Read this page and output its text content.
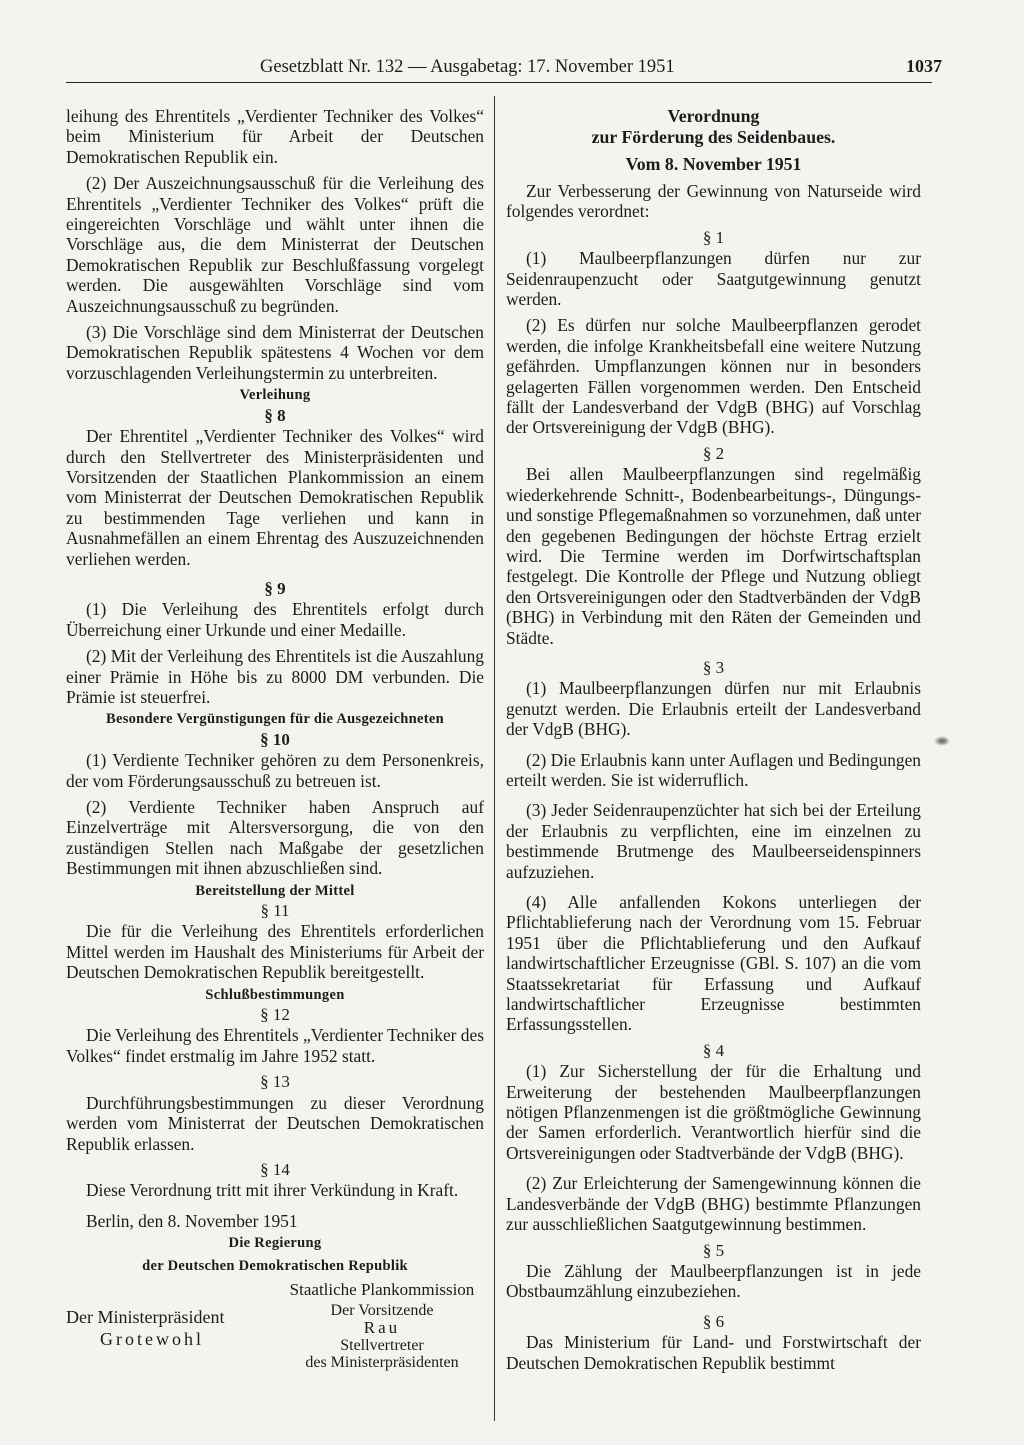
Gesetzblatt Nr. 132 — Ausgabetag: 17. November 1951	1037

leihung des Ehrentitels „Verdienter Techniker des Volkes“ beim Ministerium für Arbeit der Deutschen Demokratischen Republik ein.

(2) Der Auszeichnungsausschuß für die Verleihung des Ehrentitels „Verdienter Techniker des Volkes“ prüft die eingereichten Vorschläge und wählt unter ihnen die Vorschläge aus, die dem Ministerrat der Deutschen Demokratischen Republik zur Beschlußfassung vorgelegt werden. Die ausgewählten Vorschläge sind vom Auszeichnungsausschuß zu begründen.

(3) Die Vorschläge sind dem Ministerrat der Deutschen Demokratischen Republik spätestens 4 Wochen vor dem vorzuschlagenden Verleihungstermin zu unterbreiten.

Verleihung
§ 8

Der Ehrentitel „Verdienter Techniker des Volkes“ wird durch den Stellvertreter des Ministerpräsidenten und Vorsitzenden der Staatlichen Plankommission an einem vom Ministerrat der Deutschen Demokratischen Republik zu bestimmenden Tage verliehen und kann in Ausnahmefällen an einem Ehrentag des Auszuzeichnenden verliehen werden.

§ 9

(1) Die Verleihung des Ehrentitels erfolgt durch Überreichung einer Urkunde und einer Medaille.

(2) Mit der Verleihung des Ehrentitels ist die Auszahlung einer Prämie in Höhe bis zu 8000 DM verbunden. Die Prämie ist steuerfrei.

Besondere Vergünstigungen für die Ausgezeichneten
§ 10

(1) Verdiente Techniker gehören zu dem Personenkreis, der vom Förderungsausschuß zu betreuen ist.

(2) Verdiente Techniker haben Anspruch auf Einzelverträge mit Altersversorgung, die von den zuständigen Stellen nach Maßgabe der gesetzlichen Bestimmungen mit ihnen abzuschließen sind.

Bereitstellung der Mittel
§ 11

Die für die Verleihung des Ehrentitels erforderlichen Mittel werden im Haushalt des Ministeriums für Arbeit der Deutschen Demokratischen Republik bereitgestellt.

Schlußbestimmungen
§ 12

Die Verleihung des Ehrentitels „Verdienter Techniker des Volkes“ findet erstmalig im Jahre 1952 statt.

§ 13

Durchführungsbestimmungen zu dieser Verordnung werden vom Ministerrat der Deutschen Demokratischen Republik erlassen.

§ 14

Diese Verordnung tritt mit ihrer Verkündung in Kraft.

Berlin, den 8. November 1951

Die Regierung
der Deutschen Demokratischen Republik
Staatliche Plankommission
Der Vorsitzende
Rau
Stellvertreter
des Ministerpräsidenten
Der Ministerpräsident
Grotewohl
Verordnung
zur Förderung des Seidenbaues.
Vom 8. November 1951

Zur Verbesserung der Gewinnung von Naturseide wird folgendes verordnet:

§ 1

(1) Maulbeerpflanzungen dürfen nur zur Seidenraupenzucht oder Saatgutgewinnung genutzt werden.

(2) Es dürfen nur solche Maulbeerpflanzen gerodet werden, die infolge Krankheitsbefall eine weitere Nutzung gefährden. Umpflanzungen können nur in besonders gelagerten Fällen vorgenommen werden. Den Entscheid fällt der Landesverband der VdgB (BHG) auf Vorschlag der Ortsvereinigung der VdgB (BHG).

§ 2

Bei allen Maulbeerpflanzungen sind regelmäßig wiederkehrende Schnitt-, Bodenbearbeitungs-, Düngungs- und sonstige Pflegemaßnahmen so vorzunehmen, daß unter den gegebenen Bedingungen der höchste Ertrag erzielt wird. Die Termine werden im Dorfwirtschaftsplan festgelegt. Die Kontrolle der Pflege und Nutzung obliegt den Ortsvereinigungen oder den Stadtverbänden der VdgB (BHG) in Verbindung mit den Räten der Gemeinden und Städte.

§ 3

(1) Maulbeerpflanzungen dürfen nur mit Erlaubnis genutzt werden. Die Erlaubnis erteilt der Landesverband der VdgB (BHG).

(2) Die Erlaubnis kann unter Auflagen und Bedingungen erteilt werden. Sie ist widerruflich.

(3) Jeder Seidenraupenzüchter hat sich bei der Erteilung der Erlaubnis zu verpflichten, eine im einzelnen zu bestimmende Brutmenge des Maulbeerseidenspinners aufzuziehen.

(4) Alle anfallenden Kokons unterliegen der Pflichtablieferung nach der Verordnung vom 15. Februar 1951 über die Pflichtablieferung und den Aufkauf landwirtschaftlicher Erzeugnisse (GBl. S. 107) an die vom Staatssekretariat für Erfassung und Aufkauf landwirtschaftlicher Erzeugnisse bestimmten Erfassungsstellen.

§ 4

(1) Zur Sicherstellung der für die Erhaltung und Erweiterung der bestehenden Maulbeerpflanzungen nötigen Pflanzenmengen ist die größtmögliche Gewinnung der Samen erforderlich. Verantwortlich hierfür sind die Ortsvereinigungen oder Stadtverbände der VdgB (BHG).

(2) Zur Erleichterung der Samengewinnung können die Landesverbände der VdgB (BHG) bestimmte Pflanzungen zur ausschließlichen Saatgutgewinnung bestimmen.

§ 5

Die Zählung der Maulbeerpflanzungen ist in jede Obstbaumzählung einzubeziehen.

§ 6

Das Ministerium für Land- und Forstwirtschaft der Deutschen Demokratischen Republik bestimmt
